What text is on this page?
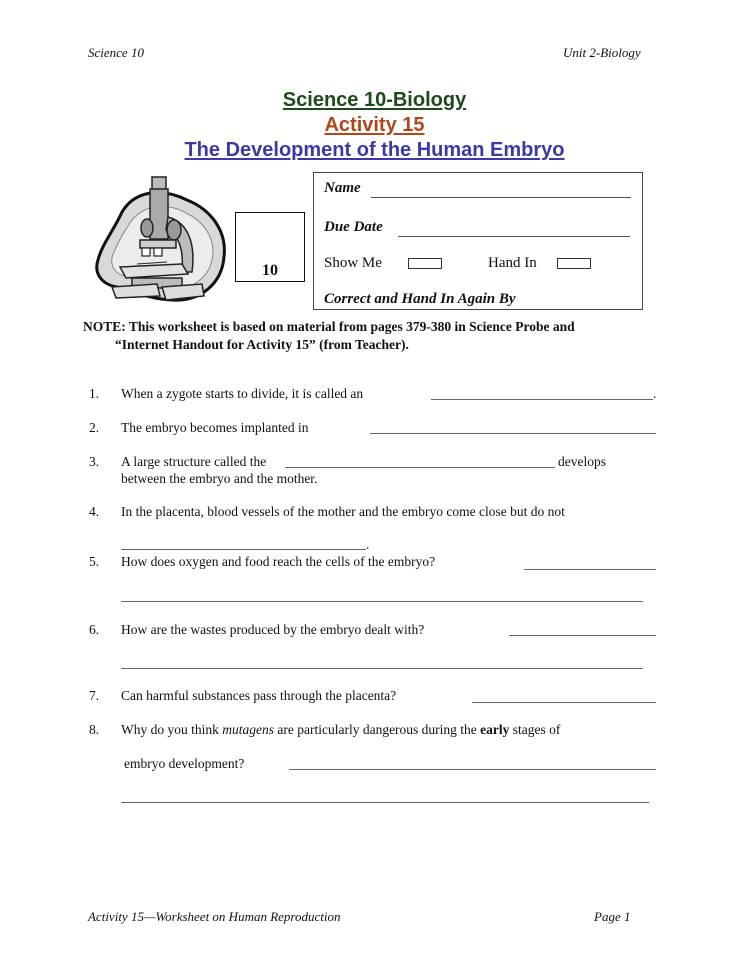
Science 10	Unit 2-Biology
Science 10-Biology
Activity 15
The Development of the Human Embryo
10
Name
Due Date
Show Me	Hand In
Correct and Hand In Again By
NOTE: This worksheet is based on material from pages 379-380 in Science Probe and
“Internet Handout for Activity 15” (from Teacher).
1. When a zygote starts to divide, it is called an	.
2. The embryo becomes implanted in
3. A large structure called the	develops
between the embryo and the mother.
4. In the placenta, blood vessels of the mother and the embryo come close but do not
.
5. How does oxygen and food reach the cells of the embryo?
6. How are the wastes produced by the embryo dealt with?
7. Can harmful substances pass through the placenta?
8. Why do you think mutagens are particularly dangerous during the early stages of
embryo development?
Activity 15—Worksheet on Human Reproduction	Page 1
